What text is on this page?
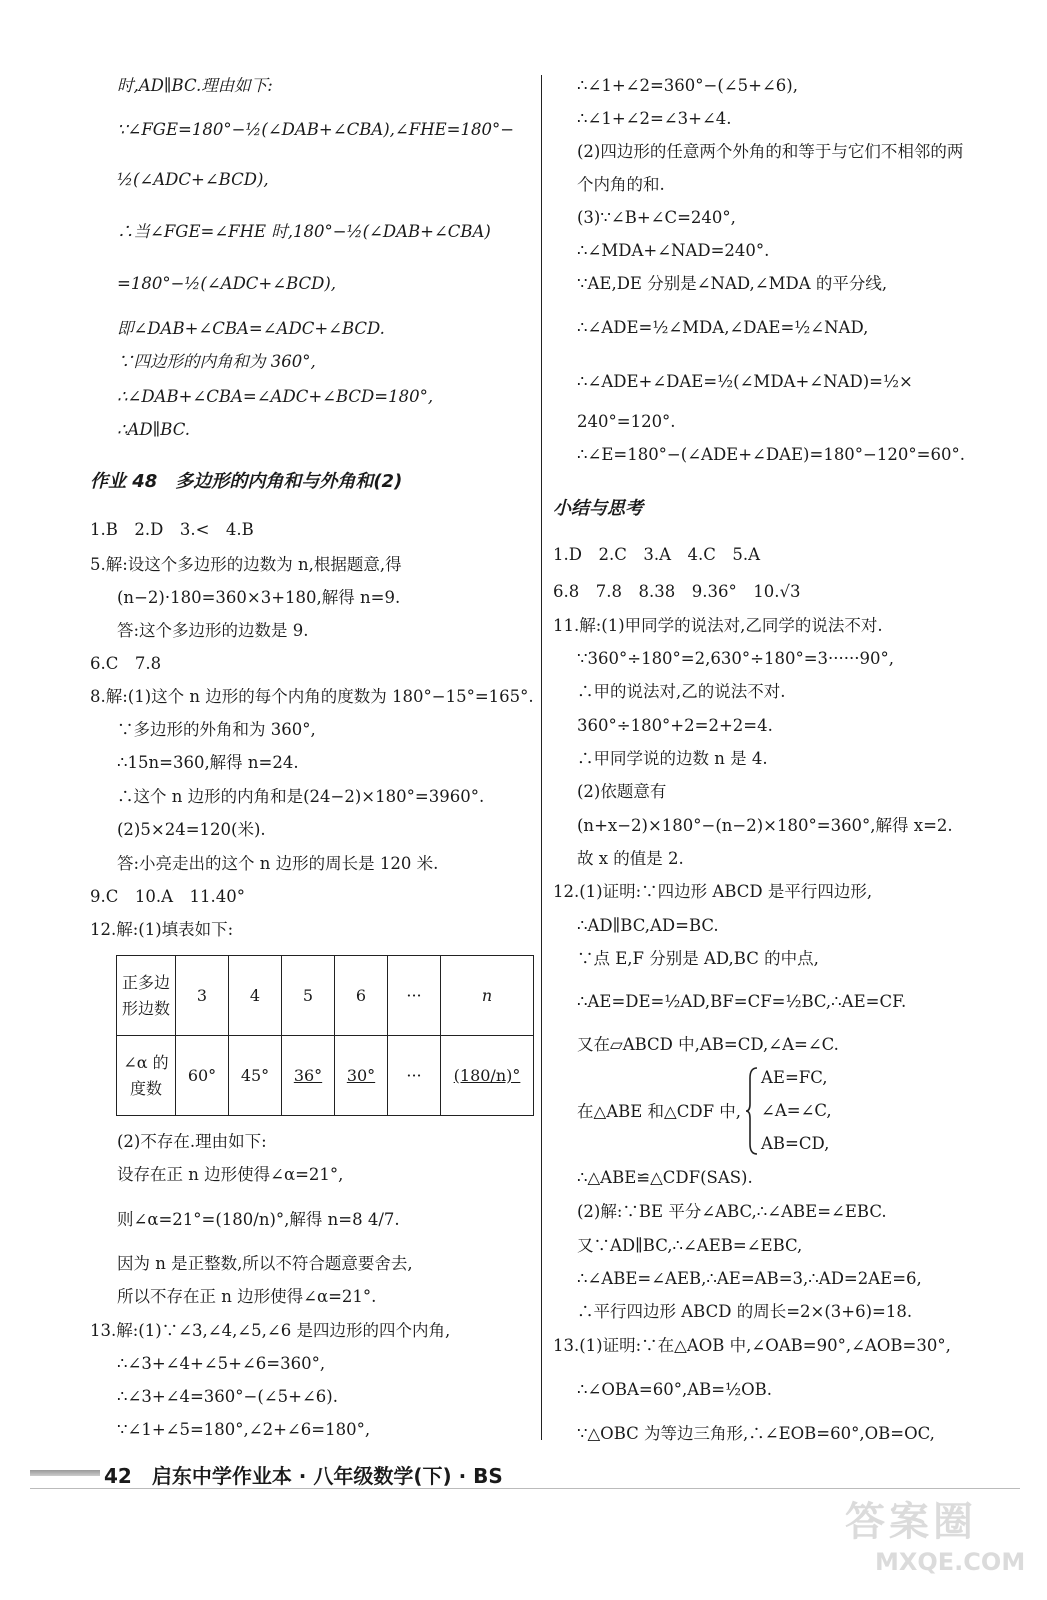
时,AD∥BC.理由如下:
∵∠FGE=180°−½(∠DAB+∠CBA),∠FHE=180°−
½(∠ADC+∠BCD),
∴当∠FGE=∠FHE 时,180°−½(∠DAB+∠CBA)
=180°−½(∠ADC+∠BCD),
即∠DAB+∠CBA=∠ADC+∠BCD.
∵四边形的内角和为 360°,
∴∠DAB+∠CBA=∠ADC+∠BCD=180°,
∴AD∥BC.
作业 48　多边形的内角和与外角和(2)
1.B　2.D　3.<　4.B
5.解:设这个多边形的边数为 n,根据题意,得
(n−2)·180=360×3+180,解得 n=9.
答:这个多边形的边数是 9.
6.C　7.8
8.解:(1)这个 n 边形的每个内角的度数为 180°−15°=165°.
∵多边形的外角和为 360°,
∴15n=360,解得 n=24.
∴这个 n 边形的内角和是(24−2)×180°=3960°.
(2)5×24=120(米).
答:小亮走出的这个 n 边形的周长是 120 米.
9.C　10.A　11.40°
12.解:(1)填表如下:
正多边
形边数	3	4	5	6	···	n
∠α 的
度数	60°	45°	36°	30°	···	(180/n)°
(2)不存在.理由如下:
设存在正 n 边形使得∠α=21°,
则∠α=21°=(180/n)°,解得 n=8 4/7.
因为 n 是正整数,所以不符合题意要舍去,
所以不存在正 n 边形使得∠α=21°.
13.解:(1)∵∠3,∠4,∠5,∠6 是四边形的四个内角,
∴∠3+∠4+∠5+∠6=360°,
∴∠3+∠4=360°−(∠5+∠6).
∵∠1+∠5=180°,∠2+∠6=180°,
∴∠1+∠2=360°−(∠5+∠6),
∴∠1+∠2=∠3+∠4.
(2)四边形的任意两个外角的和等于与它们不相邻的两
个内角的和.
(3)∵∠B+∠C=240°,
∴∠MDA+∠NAD=240°.
∵AE,DE 分别是∠NAD,∠MDA 的平分线,
∴∠ADE=½∠MDA,∠DAE=½∠NAD,
∴∠ADE+∠DAE=½(∠MDA+∠NAD)=½×
240°=120°.
∴∠E=180°−(∠ADE+∠DAE)=180°−120°=60°.
小结与思考
1.D　2.C　3.A　4.C　5.A
6.8　7.8　8.38　9.36°　10.√3
11.解:(1)甲同学的说法对,乙同学的说法不对.
∵360°÷180°=2,630°÷180°=3······90°,
∴甲的说法对,乙的说法不对.
360°÷180°+2=2+2=4.
∴甲同学说的边数 n 是 4.
(2)依题意有
(n+x−2)×180°−(n−2)×180°=360°,解得 x=2.
故 x 的值是 2.
12.(1)证明:∵四边形 ABCD 是平行四边形,
∴AD∥BC,AD=BC.
∵点 E,F 分别是 AD,BC 的中点,
∴AE=DE=½AD,BF=CF=½BC,∴AE=CF.
又在▱ABCD 中,AB=CD,∠A=∠C.
在△ABE 和△CDF 中,
AE=FC,
∠A=∠C,
AB=CD,
∴△ABE≌△CDF(SAS).
(2)解:∵BE 平分∠ABC,∴∠ABE=∠EBC.
又∵AD∥BC,∴∠AEB=∠EBC,
∴∠ABE=∠AEB,∴AE=AB=3,∴AD=2AE=6,
∴平行四边形 ABCD 的周长=2×(3+6)=18.
13.(1)证明:∵在△AOB 中,∠OAB=90°,∠AOB=30°,
∴∠OBA=60°,AB=½OB.
∵△OBC 为等边三角形,∴∠EOB=60°,OB=OC,
42　启东中学作业本 · 八年级数学(下) · BS
答案圈
MXQE.COM
